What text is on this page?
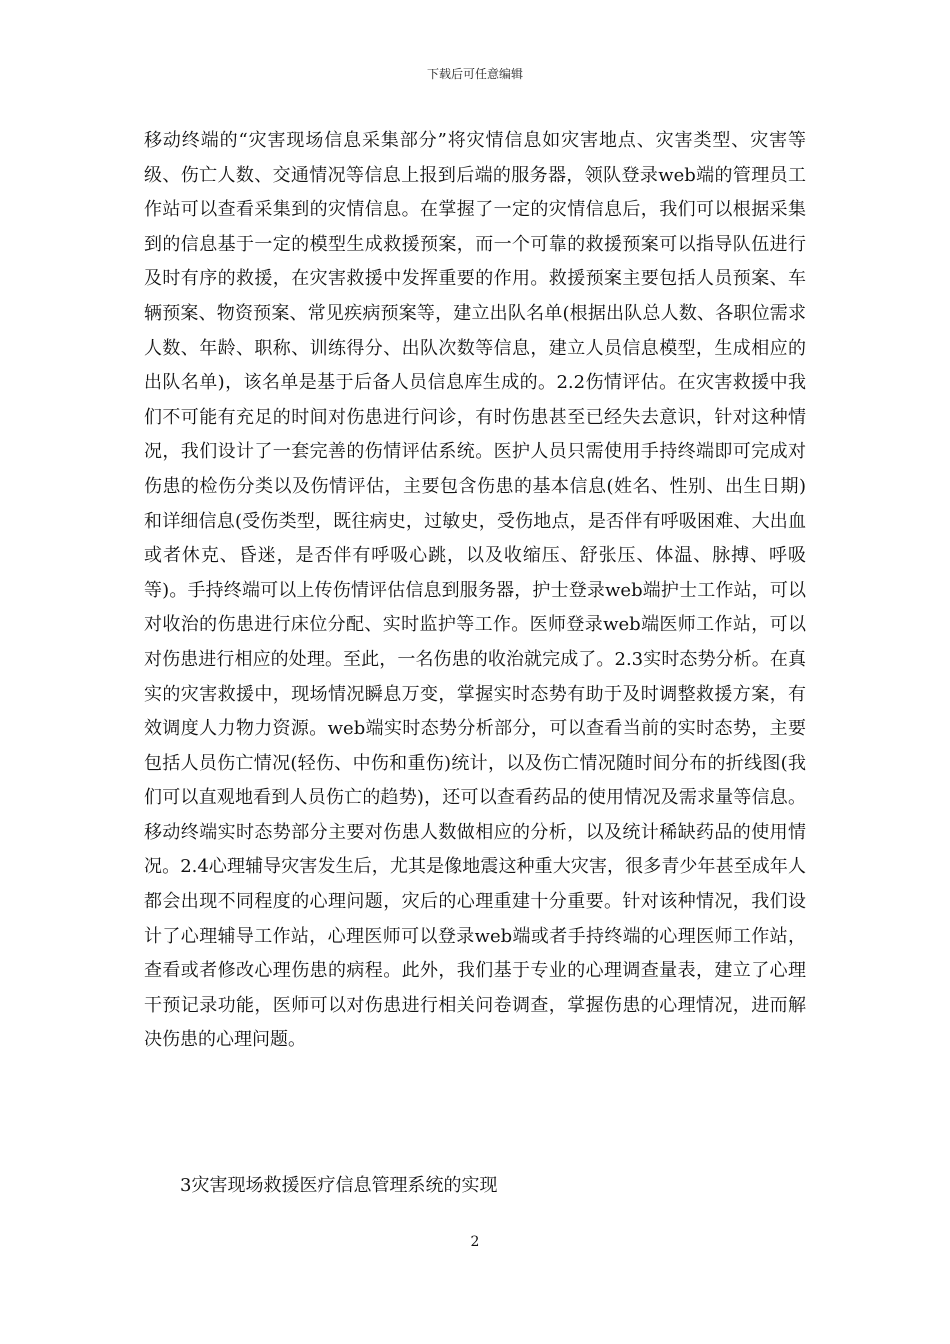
下载后可任意编辑

移动终端的“灾害现场信息采集部分”将灾情信息如灾害地点、灾害类型、灾害等级、伤亡人数、交通情况等信息上报到后端的服务器，领队登录web端的管理员工作站可以查看采集到的灾情信息。在掌握了一定的灾情信息后，我们可以根据采集到的信息基于一定的模型生成救援预案，而一个可靠的救援预案可以指导队伍进行及时有序的救援，在灾害救援中发挥重要的作用。救援预案主要包括人员预案、车辆预案、物资预案、常见疾病预案等，建立出队名单(根据出队总人数、各职位需求人数、年龄、职称、训练得分、出队次数等信息，建立人员信息模型，生成相应的出队名单)，该名单是基于后备人员信息库生成的。2.2伤情评估。在灾害救援中我们不可能有充足的时间对伤患进行问诊，有时伤患甚至已经失去意识，针对这种情况，我们设计了一套完善的伤情评估系统。医护人员只需使用手持终端即可完成对伤患的检伤分类以及伤情评估，主要包含伤患的基本信息(姓名、性别、出生日期)和详细信息(受伤类型，既往病史，过敏史，受伤地点，是否伴有呼吸困难、大出血或者休克、昏迷，是否伴有呼吸心跳，以及收缩压、舒张压、体温、脉搏、呼吸等)。手持终端可以上传伤情评估信息到服务器，护士登录web端护士工作站，可以对收治的伤患进行床位分配、实时监护等工作。医师登录web端医师工作站，可以对伤患进行相应的处理。至此，一名伤患的收治就完成了。2.3实时态势分析。在真实的灾害救援中，现场情况瞬息万变，掌握实时态势有助于及时调整救援方案，有效调度人力物力资源。web端实时态势分析部分，可以查看当前的实时态势，主要包括人员伤亡情况(轻伤、中伤和重伤)统计，以及伤亡情况随时间分布的折线图(我们可以直观地看到人员伤亡的趋势)，还可以查看药品的使用情况及需求量等信息。移动终端实时态势部分主要对伤患人数做相应的分析，以及统计稀缺药品的使用情况。2.4心理辅导灾害发生后，尤其是像地震这种重大灾害，很多青少年甚至成年人都会出现不同程度的心理问题，灾后的心理重建十分重要。针对该种情况，我们设计了心理辅导工作站，心理医师可以登录web端或者手持终端的心理医师工作站，查看或者修改心理伤患的病程。此外，我们基于专业的心理调查量表，建立了心理干预记录功能，医师可以对伤患进行相关问卷调查，掌握伤患的心理情况，进而解决伤患的心理问题。

3灾害现场救援医疗信息管理系统的实现
2
